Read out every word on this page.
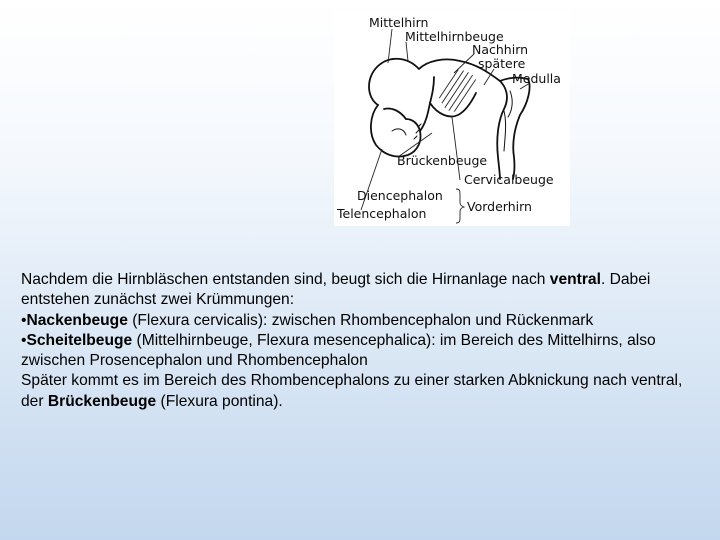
Mittelhirn
Mittelhirnbeuge
Nachhirn
spätere
Medulla
Brückenbeuge
Cervicalbeuge
Diencephalon
Vorderhirn
Telencephalon

Nachdem die Hirnbläschen entstanden sind, beugt sich die Hirnanlage nach ventral. Dabei entstehen zunächst zwei Krümmungen:

•Nackenbeuge (Flexura cervicalis): zwischen Rhombencephalon und Rückenmark

•Scheitelbeuge (Mittelhirnbeuge, Flexura mesencephalica): im Bereich des Mittelhirns, also zwischen Prosencephalon und Rhombencephalon

Später kommt es im Bereich des Rhombencephalons zu einer starken Abknickung nach ventral, der Brückenbeuge (Flexura pontina).
